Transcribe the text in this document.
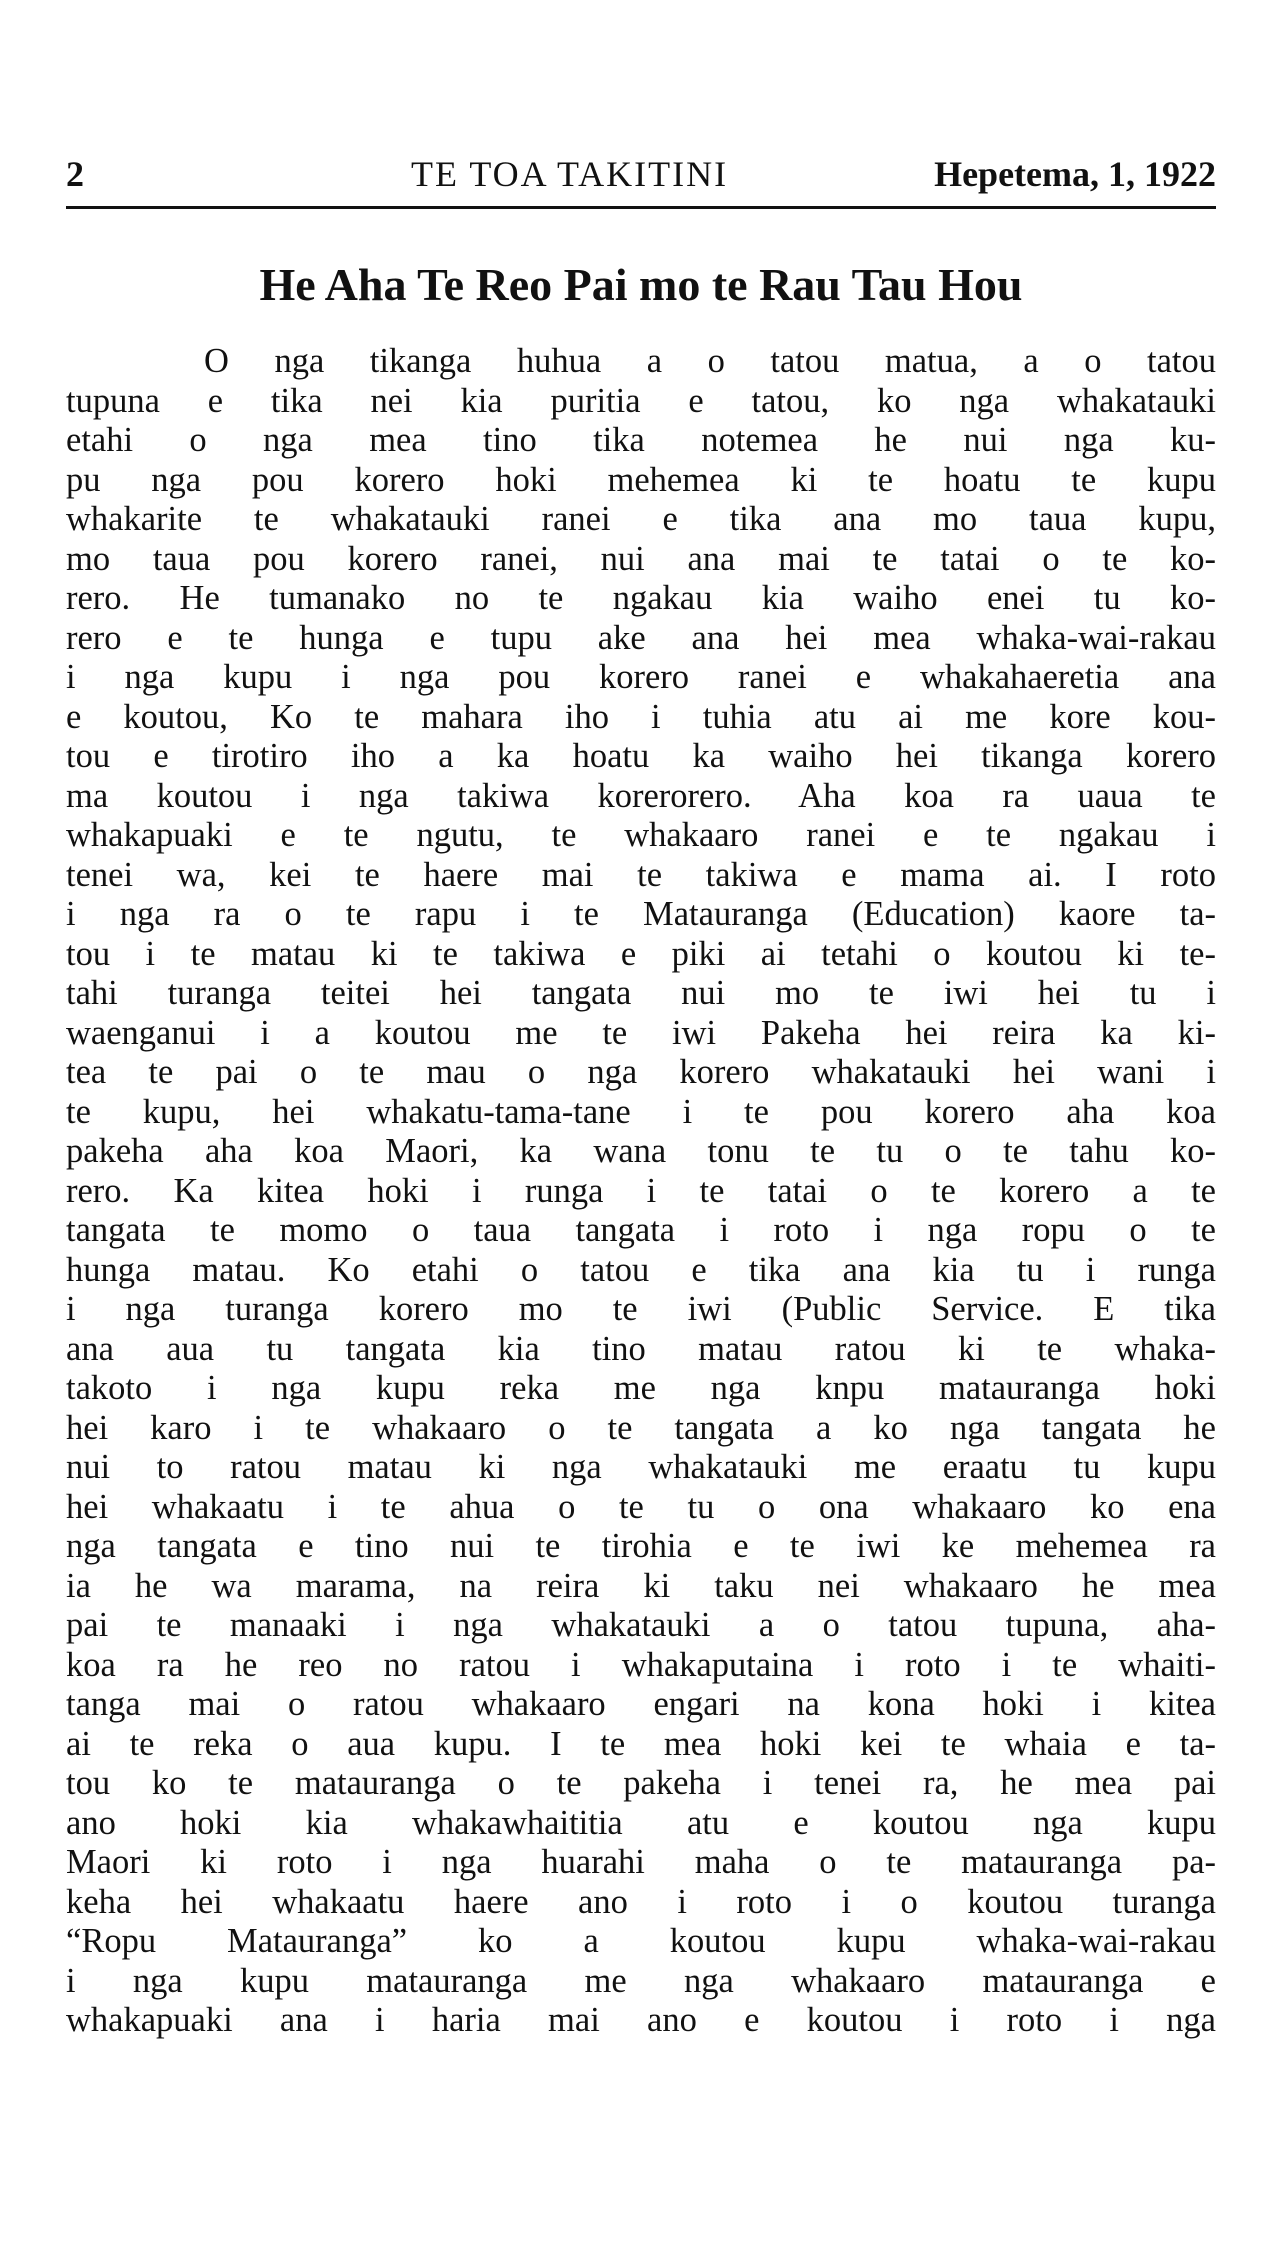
2	TE TOA TAKITINI	Hepetema, 1, 1922
He Aha Te Reo Pai mo te Rau Tau Hou
O nga tikanga huhua a o tatou matua, a o tatou
tupuna e tika nei kia puritia e tatou, ko nga whakatauki
etahi o nga mea tino tika notemea he nui nga ku-
pu nga pou korero hoki mehemea ki te hoatu te kupu
whakarite te whakatauki ranei e tika ana mo taua kupu,
mo taua pou korero ranei, nui ana mai te tatai o te ko-
rero. He tumanako no te ngakau kia waiho enei tu ko-
rero e te hunga e tupu ake ana hei mea whaka-wai-rakau
i nga kupu i nga pou korero ranei e whakahaeretia ana
e koutou, Ko te mahara iho i tuhia atu ai me kore kou-
tou e tirotiro iho a ka hoatu ka waiho hei tikanga korero
ma koutou i nga takiwa korerorero. Aha koa ra uaua te
whakapuaki e te ngutu, te whakaaro ranei e te ngakau i
tenei wa, kei te haere mai te takiwa e mama ai. I roto
i nga ra o te rapu i te Matauranga (Education) kaore ta-
tou i te matau ki te takiwa e piki ai tetahi o koutou ki te-
tahi turanga teitei hei tangata nui mo te iwi hei tu i
waenganui i a koutou me te iwi Pakeha hei reira ka ki-
tea te pai o te mau o nga korero whakatauki hei wani i
te kupu, hei whakatu-tama-tane i te pou korero aha koa
pakeha aha koa Maori, ka wana tonu te tu o te tahu ko-
rero. Ka kitea hoki i runga i te tatai o te korero a te
tangata te momo o taua tangata i roto i nga ropu o te
hunga matau. Ko etahi o tatou e tika ana kia tu i runga
i nga turanga korero mo te iwi (Public Service. E tika
ana aua tu tangata kia tino matau ratou ki te whaka-
takoto i nga kupu reka me nga knpu matauranga hoki
hei karo i te whakaaro o te tangata a ko nga tangata he
nui to ratou matau ki nga whakatauki me eraatu tu kupu
hei whakaatu i te ahua o te tu o ona whakaaro ko ena
nga tangata e tino nui te tirohia e te iwi ke mehemea ra
ia he wa marama, na reira ki taku nei whakaaro he mea
pai te manaaki i nga whakatauki a o tatou tupuna, aha-
koa ra he reo no ratou i whakaputaina i roto i te whaiti-
tanga mai o ratou whakaaro engari na kona hoki i kitea
ai te reka o aua kupu. I te mea hoki kei te whaia e ta-
tou ko te matauranga o te pakeha i tenei ra, he mea pai
ano hoki kia whakawhaititia atu e koutou nga kupu
Maori ki roto i nga huarahi maha o te matauranga pa-
keha hei whakaatu haere ano i roto i o koutou turanga
“Ropu Matauranga” ko a koutou kupu whaka-wai-rakau
i nga kupu matauranga me nga whakaaro matauranga e
whakapuaki ana i haria mai ano e koutou i roto i nga
